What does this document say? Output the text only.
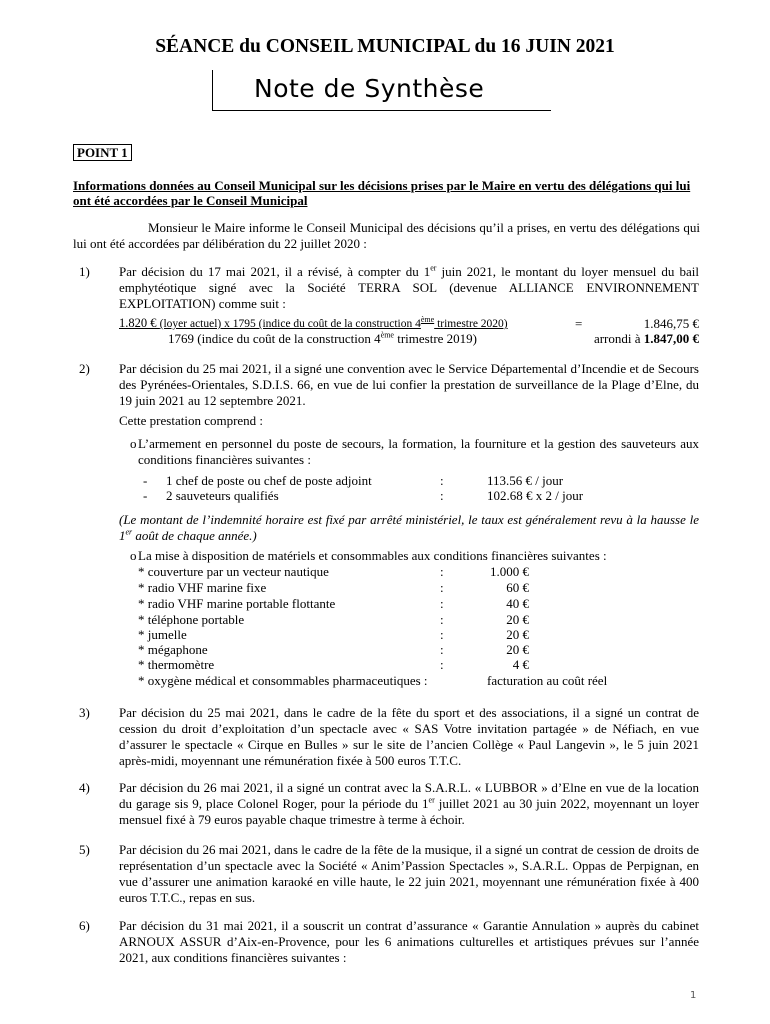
SÉANCE du CONSEIL MUNICIPAL du 16 JUIN 2021
Note de Synthèse
POINT 1
Informations données au Conseil Municipal sur les décisions prises par le Maire en vertu des délégations qui lui ont été accordées par le Conseil Municipal
Monsieur le Maire informe le Conseil Municipal des décisions qu’il a prises, en vertu des délégations qui lui ont été accordées par délibération du 22 juillet 2020 :
1) Par décision du 17 mai 2021, il a révisé, à compter du 1er juin 2021, le montant du loyer mensuel du bail emphytéotique signé avec la Société TERRA SOL (devenue ALLIANCE ENVIRONNEMENT EXPLOITATION) comme suit :
1.820 € (loyer actuel) x 1795 (indice du coût de la construction 4ème trimestre 2020)	=	1.846,75 €
1769 (indice du coût de la construction 4ème trimestre 2019)	arrondi à 1.847,00 €
2) Par décision du 25 mai 2021, il a signé une convention avec le Service Départemental d’Incendie et de Secours des Pyrénées-Orientales, S.D.I.S. 66, en vue de lui confier la prestation de surveillance de la Plage d’Elne, du 19 juin 2021 au 12 septembre 2021.
Cette prestation comprend :
o L’armement en personnel du poste de secours, la formation, la fourniture et la gestion des sauveteurs aux conditions financières suivantes :
- 1 chef de poste ou chef de poste adjoint	:	113.56 € / jour
- 2 sauveteurs qualifiés	:	102.68 € x 2 / jour
(Le montant de l’indemnité horaire est fixé par arrêté ministériel, le taux est généralement revu à la hausse le 1er août de chaque année.)
o La mise à disposition de matériels et consommables aux conditions financières suivantes :
* couverture par un vecteur nautique	:	1.000 €
* radio VHF marine fixe	:	60 €
* radio VHF marine portable flottante	:	40 €
* téléphone portable	:	20 €
* jumelle	:	20 €
* mégaphone	:	20 €
* thermomètre	:	4 €
* oxygène médical et consommables pharmaceutiques :	facturation au coût réel
3) Par décision du 25 mai 2021, dans le cadre de la fête du sport et des associations, il a signé un contrat de cession du droit d’exploitation d’un spectacle avec « SAS Votre invitation partagée » de Néfiach, en vue d’assurer le spectacle « Cirque en Bulles » sur le site de l’ancien Collège « Paul Langevin », le 5 juin 2021 après-midi, moyennant une rémunération fixée à 500 euros T.T.C.
4) Par décision du 26 mai 2021, il a signé un contrat avec la S.A.R.L. « LUBBOR » d’Elne en vue de la location du garage sis 9, place Colonel Roger, pour la période du 1er juillet 2021 au 30 juin 2022, moyennant un loyer mensuel fixé à 79 euros payable chaque trimestre à terme à échoir.
5) Par décision du 26 mai 2021, dans le cadre de la fête de la musique, il a signé un contrat de cession de droits de représentation d’un spectacle avec la Société « Anim’Passion Spectacles », S.A.R.L. Oppas de Perpignan, en vue d’assurer une animation karaoké en ville haute, le 22 juin 2021, moyennant une rémunération fixée à 400 euros T.T.C., repas en sus.
6) Par décision du 31 mai 2021, il a souscrit un contrat d’assurance « Garantie Annulation » auprès du cabinet ARNOUX ASSUR d’Aix-en-Provence, pour les 6 animations culturelles et artistiques prévues sur l’année 2021, aux conditions financières suivantes :
1
